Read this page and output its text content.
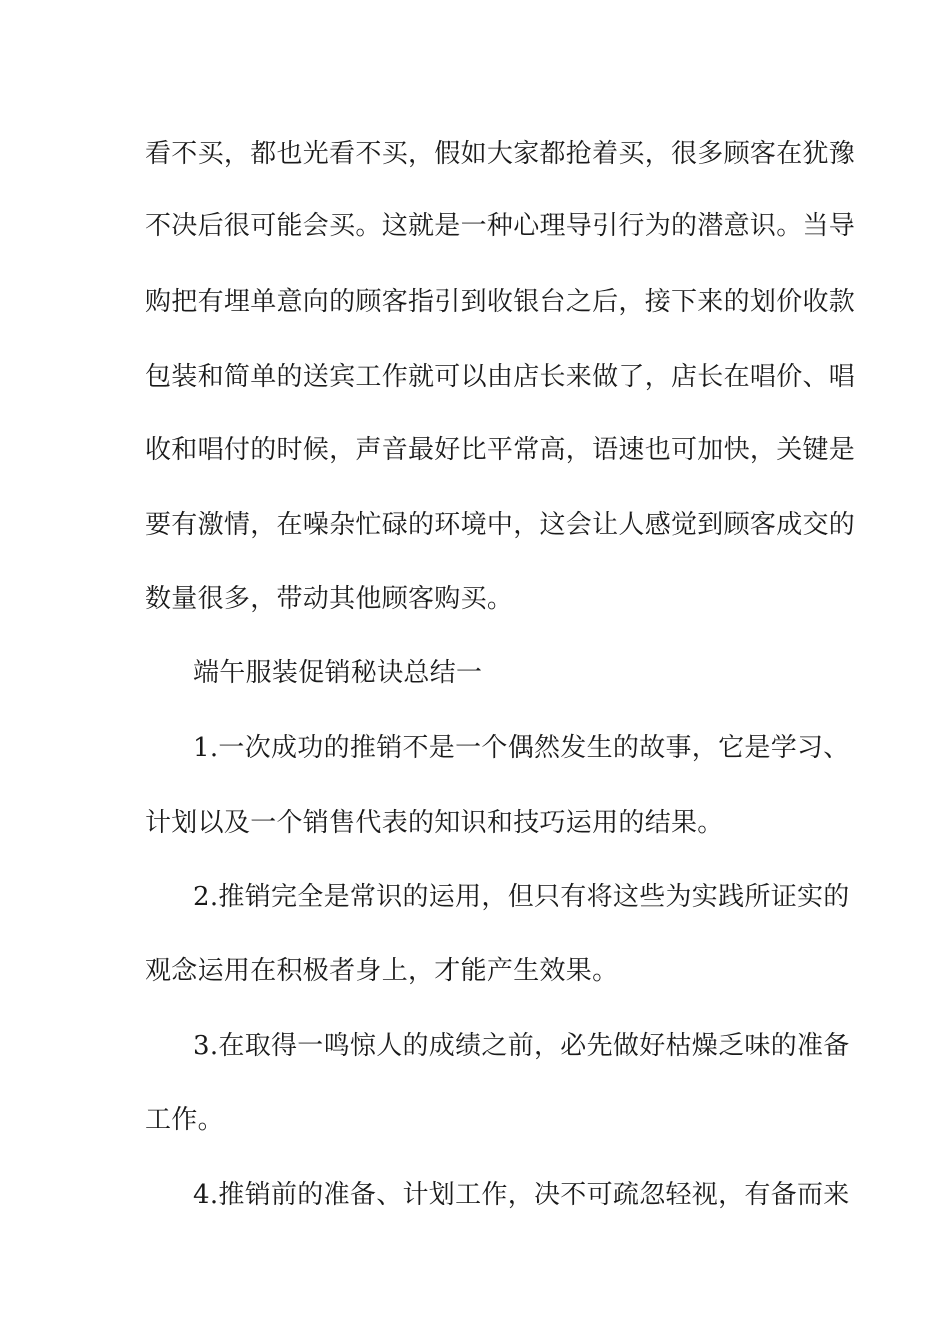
看不买，都也光看不买，假如大家都抢着买，很多顾客在犹豫
不决后很可能会买。这就是一种心理导引行为的潜意识。当导
购把有埋单意向的顾客指引到收银台之后，接下来的划价收款
包装和简单的送宾工作就可以由店长来做了，店长在唱价、唱
收和唱付的时候，声音最好比平常高，语速也可加快，关键是
要有激情，在噪杂忙碌的环境中，这会让人感觉到顾客成交的
数量很多，带动其他顾客购买。
端午服装促销秘诀总结一
1.一次成功的推销不是一个偶然发生的故事，它是学习、
计划以及一个销售代表的知识和技巧运用的结果。
2.推销完全是常识的运用，但只有将这些为实践所证实的
观念运用在积极者身上，才能产生效果。
3.在取得一鸣惊人的成绩之前，必先做好枯燥乏味的准备
工作。
4.推销前的准备、计划工作，决不可疏忽轻视，有备而来
